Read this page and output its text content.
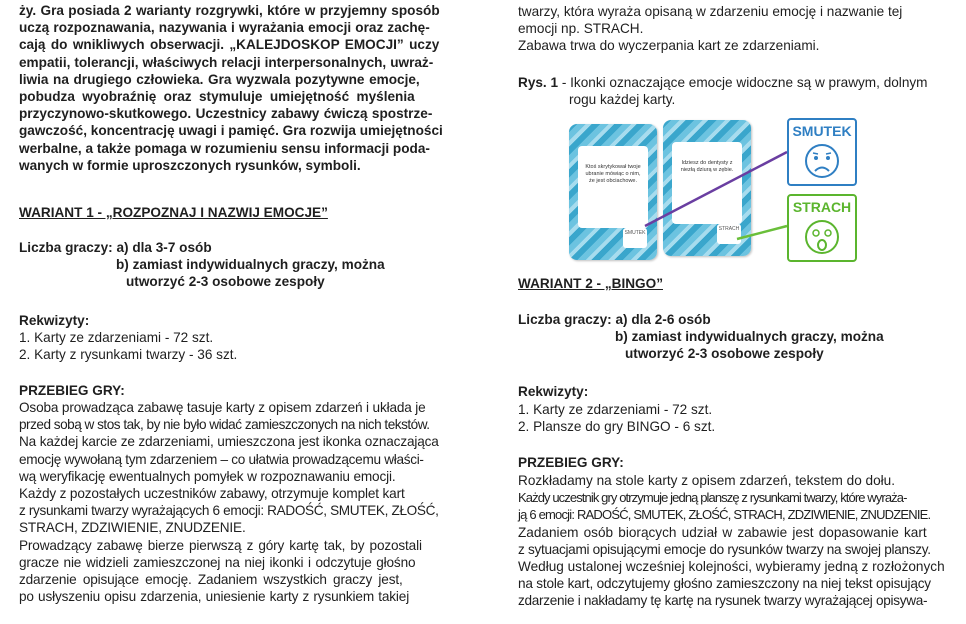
ży. Gra posiada 2 warianty rozgrywki, które w przyjemny sposób
uczą rozpoznawania, nazywania i wyrażania emocji oraz zachę-
cają do wnikliwych obserwacji. „KALEJDOSKOP EMOCJI” uczy
empatii, tolerancji, właściwych relacji interpersonalnych, uwraż-
liwia na drugiego człowieka. Gra wyzwala pozytywne emocje,
pobudza wyobraźnię oraz stymuluje umiejętność myślenia
przyczynowo-skutkowego. Uczestnicy zabawy ćwiczą spostrze-
gawczość, koncentrację uwagi i pamięć. Gra rozwija umiejętności
werbalne, a także pomaga w rozumieniu sensu informacji poda-
wanych w formie uproszczonych rysunków, symboli.
WARIANT 1 - „ROZPOZNAJ I NAZWIJ EMOCJE”
Liczba graczy: a) dla 3-7 osób
b) zamiast indywidualnych graczy, można
utworzyć 2-3 osobowe zespoły
Rekwizyty:
1. Karty ze zdarzeniami - 72 szt.
2. Karty z rysunkami twarzy - 36 szt.
PRZEBIEG GRY:
Osoba prowadząca zabawę tasuje karty z opisem zdarzeń i układa je
przed sobą w stos tak, by nie było widać zamieszczonych na nich tekstów.
Na każdej karcie ze zdarzeniami, umieszczona jest ikonka oznaczająca
emocję wywołaną tym zdarzeniem – co ułatwia prowadzącemu właści-
wą weryfikację ewentualnych pomyłek w rozpoznawaniu emocji.
Każdy z pozostałych uczestników zabawy, otrzymuje komplet kart
z rysunkami twarzy wyrażających 6 emocji: RADOŚĆ, SMUTEK, ZŁOŚĆ,
STRACH, ZDZIWIENIE, ZNUDZENIE.
Prowadzący zabawę bierze pierwszą z góry kartę tak, by pozostali
gracze nie widzieli zamieszczonej na niej ikonki i odczytuje głośno
zdarzenie opisujące emocję. Zadaniem wszystkich graczy jest,
po usłyszeniu opisu zdarzenia, uniesienie karty z rysunkiem takiej
twarzy, która wyraża opisaną w zdarzeniu emocję i nazwanie tej
emocji np. STRACH.
Zabawa trwa do wyczerpania kart ze zdarzeniami.
Rys. 1 - Ikonki oznaczające emocje widoczne są w prawym, dolnym
rogu każdej karty.
WARIANT 2 - „BINGO”
Liczba graczy: a) dla 2-6 osób
b) zamiast indywidualnych graczy, można
utworzyć 2-3 osobowe zespoły
Rekwizyty:
1. Karty ze zdarzeniami - 72 szt.
2. Plansze do gry BINGO - 6 szt.
PRZEBIEG GRY:
Rozkładamy na stole karty z opisem zdarzeń, tekstem do dołu.
Każdy uczestnik gry otrzymuje jedną planszę z rysunkami twarzy, które wyraża-
ją 6 emocji: RADOŚĆ, SMUTEK, ZŁOŚĆ, STRACH, ZDZIWIENIE, ZNUDZENIE.
Zadaniem osób biorących udział w zabawie jest dopasowanie kart
z sytuacjami opisującymi emocje do rysunków twarzy na swojej planszy.
Według ustalonej wcześniej kolejności, wybieramy jedną z rozłożonych
na stole kart, odczytujemy głośno zamieszczony na niej tekst opisujący
zdarzenie i nakładamy tę kartę na rysunek twarzy wyrażającej opisywa-
Ktoś skrytykował twoje ubranie mówiąc o nim, że jest obciachowe.
SMUTEK
Idziesz do dentysty z niezłą dziurą w zębie.
STRACH
SMUTEK
STRACH
